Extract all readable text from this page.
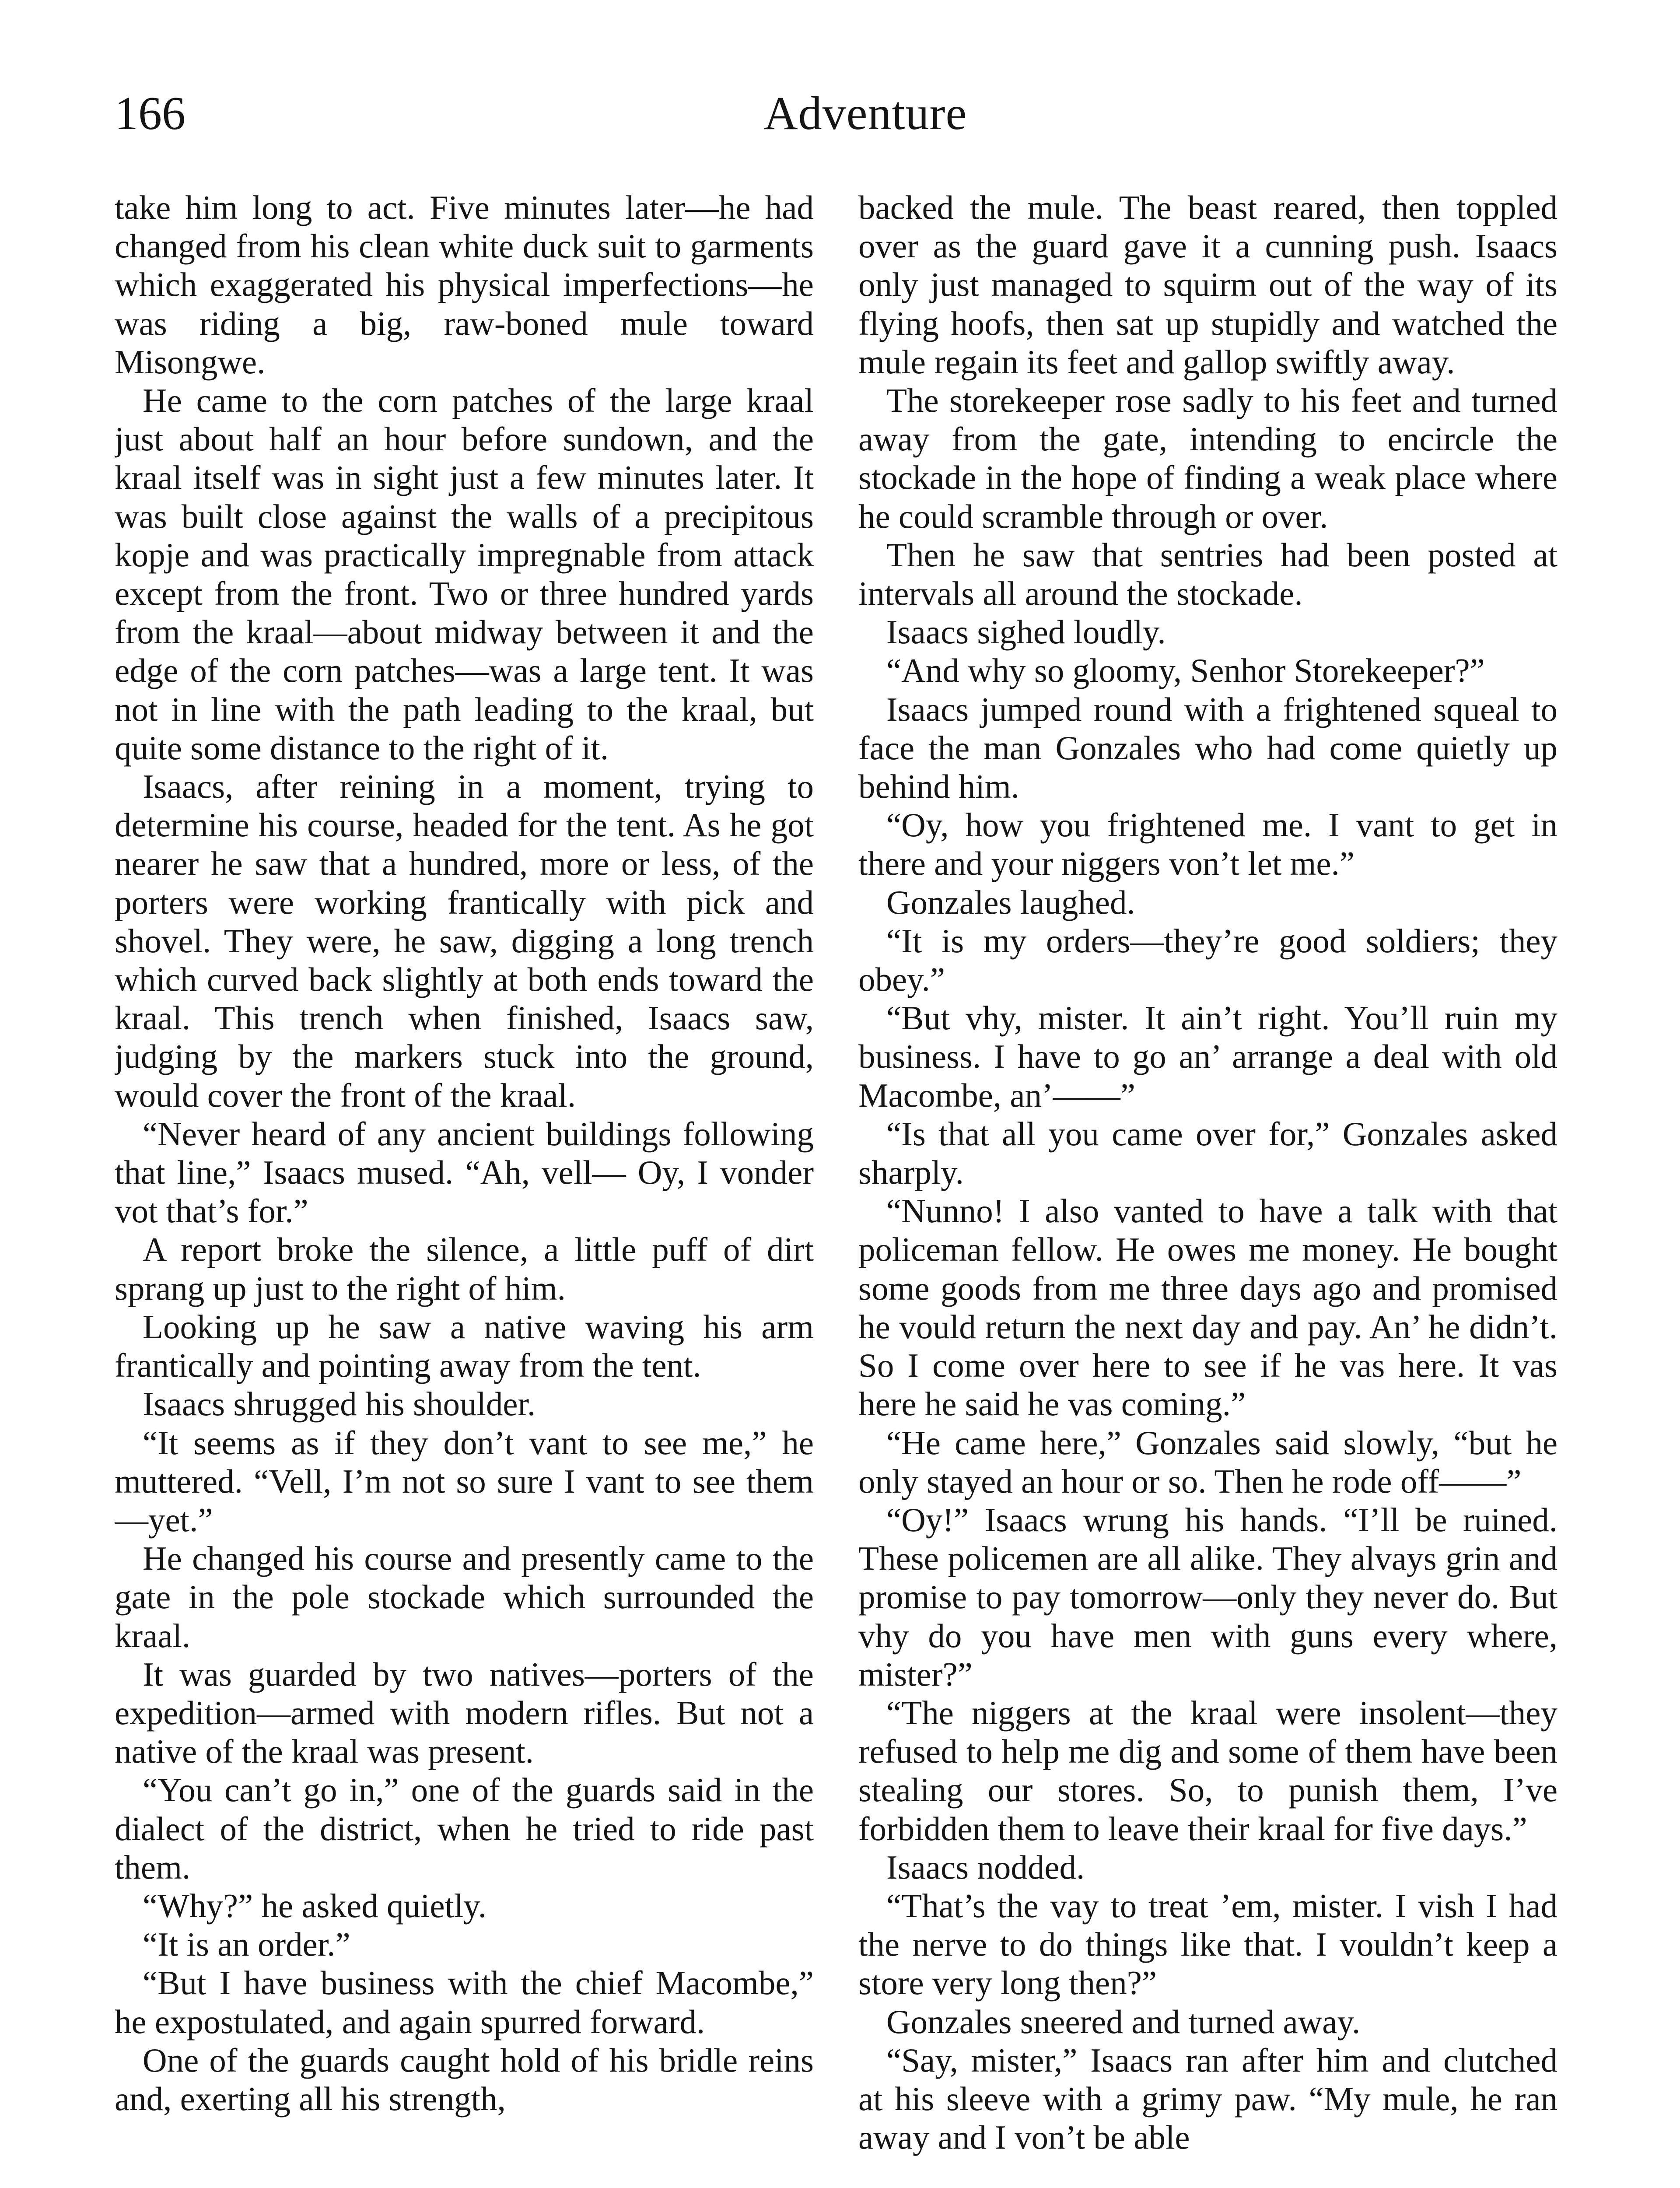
166	Adventure

take him long to act. Five minutes later—he had changed from his clean white duck suit to garments which exaggerated his physical imperfections—he was riding a big, raw-boned mule toward Misongwe.

He came to the corn patches of the large kraal just about half an hour before sundown, and the kraal itself was in sight just a few minutes later. It was built close against the walls of a precipitous kopje and was practically impregnable from attack except from the front. Two or three hundred yards from the kraal—about midway between it and the edge of the corn patches—was a large tent. It was not in line with the path leading to the kraal, but quite some distance to the right of it.

Isaacs, after reining in a moment, trying to determine his course, headed for the tent. As he got nearer he saw that a hundred, more or less, of the porters were working frantically with pick and shovel. They were, he saw, digging a long trench which curved back slightly at both ends toward the kraal. This trench when finished, Isaacs saw, judging by the markers stuck into the ground, would cover the front of the kraal.

“Never heard of any ancient buildings following that line,” Isaacs mused. “Ah, vell— Oy, I vonder vot that’s for.”

A report broke the silence, a little puff of dirt sprang up just to the right of him.

Looking up he saw a native waving his arm frantically and pointing away from the tent.

Isaacs shrugged his shoulder.

“It seems as if they don’t vant to see me,” he muttered. “Vell, I’m not so sure I vant to see them—yet.”

He changed his course and presently came to the gate in the pole stockade which surrounded the kraal.

It was guarded by two natives—porters of the expedition—armed with modern rifles. But not a native of the kraal was present.

“You can’t go in,” one of the guards said in the dialect of the district, when he tried to ride past them.

“Why?” he asked quietly.

“It is an order.”

“But I have business with the chief Macombe,” he expostulated, and again spurred forward.

One of the guards caught hold of his bridle reins and, exerting all his strength,

backed the mule. The beast reared, then toppled over as the guard gave it a cunning push. Isaacs only just managed to squirm out of the way of its flying hoofs, then sat up stupidly and watched the mule regain its feet and gallop swiftly away.

The storekeeper rose sadly to his feet and turned away from the gate, intending to encircle the stockade in the hope of finding a weak place where he could scramble through or over.

Then he saw that sentries had been posted at intervals all around the stockade.

Isaacs sighed loudly.

“And why so gloomy, Senhor Storekeeper?”

Isaacs jumped round with a frightened squeal to face the man Gonzales who had come quietly up behind him.

“Oy, how you frightened me. I vant to get in there and your niggers von’t let me.”

Gonzales laughed.

“It is my orders—they’re good soldiers; they obey.”

“But vhy, mister. It ain’t right. You’ll ruin my business. I have to go an’ arrange a deal with old Macombe, an’——”

“Is that all you came over for,” Gonzales asked sharply.

“Nunno! I also vanted to have a talk with that policeman fellow. He owes me money. He bought some goods from me three days ago and promised he vould return the next day and pay. An’ he didn’t. So I come over here to see if he vas here. It vas here he said he vas coming.”

“He came here,” Gonzales said slowly, “but he only stayed an hour or so. Then he rode off——”

“Oy!” Isaacs wrung his hands. “I’ll be ruined. These policemen are all alike. They alvays grin and promise to pay tomorrow—only they never do. But vhy do you have men with guns every where, mister?”

“The niggers at the kraal were insolent—they refused to help me dig and some of them have been stealing our stores. So, to punish them, I’ve forbidden them to leave their kraal for five days.”

Isaacs nodded.

“That’s the vay to treat ’em, mister. I vish I had the nerve to do things like that. I vouldn’t keep a store very long then?”

Gonzales sneered and turned away.

“Say, mister,” Isaacs ran after him and clutched at his sleeve with a grimy paw. “My mule, he ran away and I von’t be able
